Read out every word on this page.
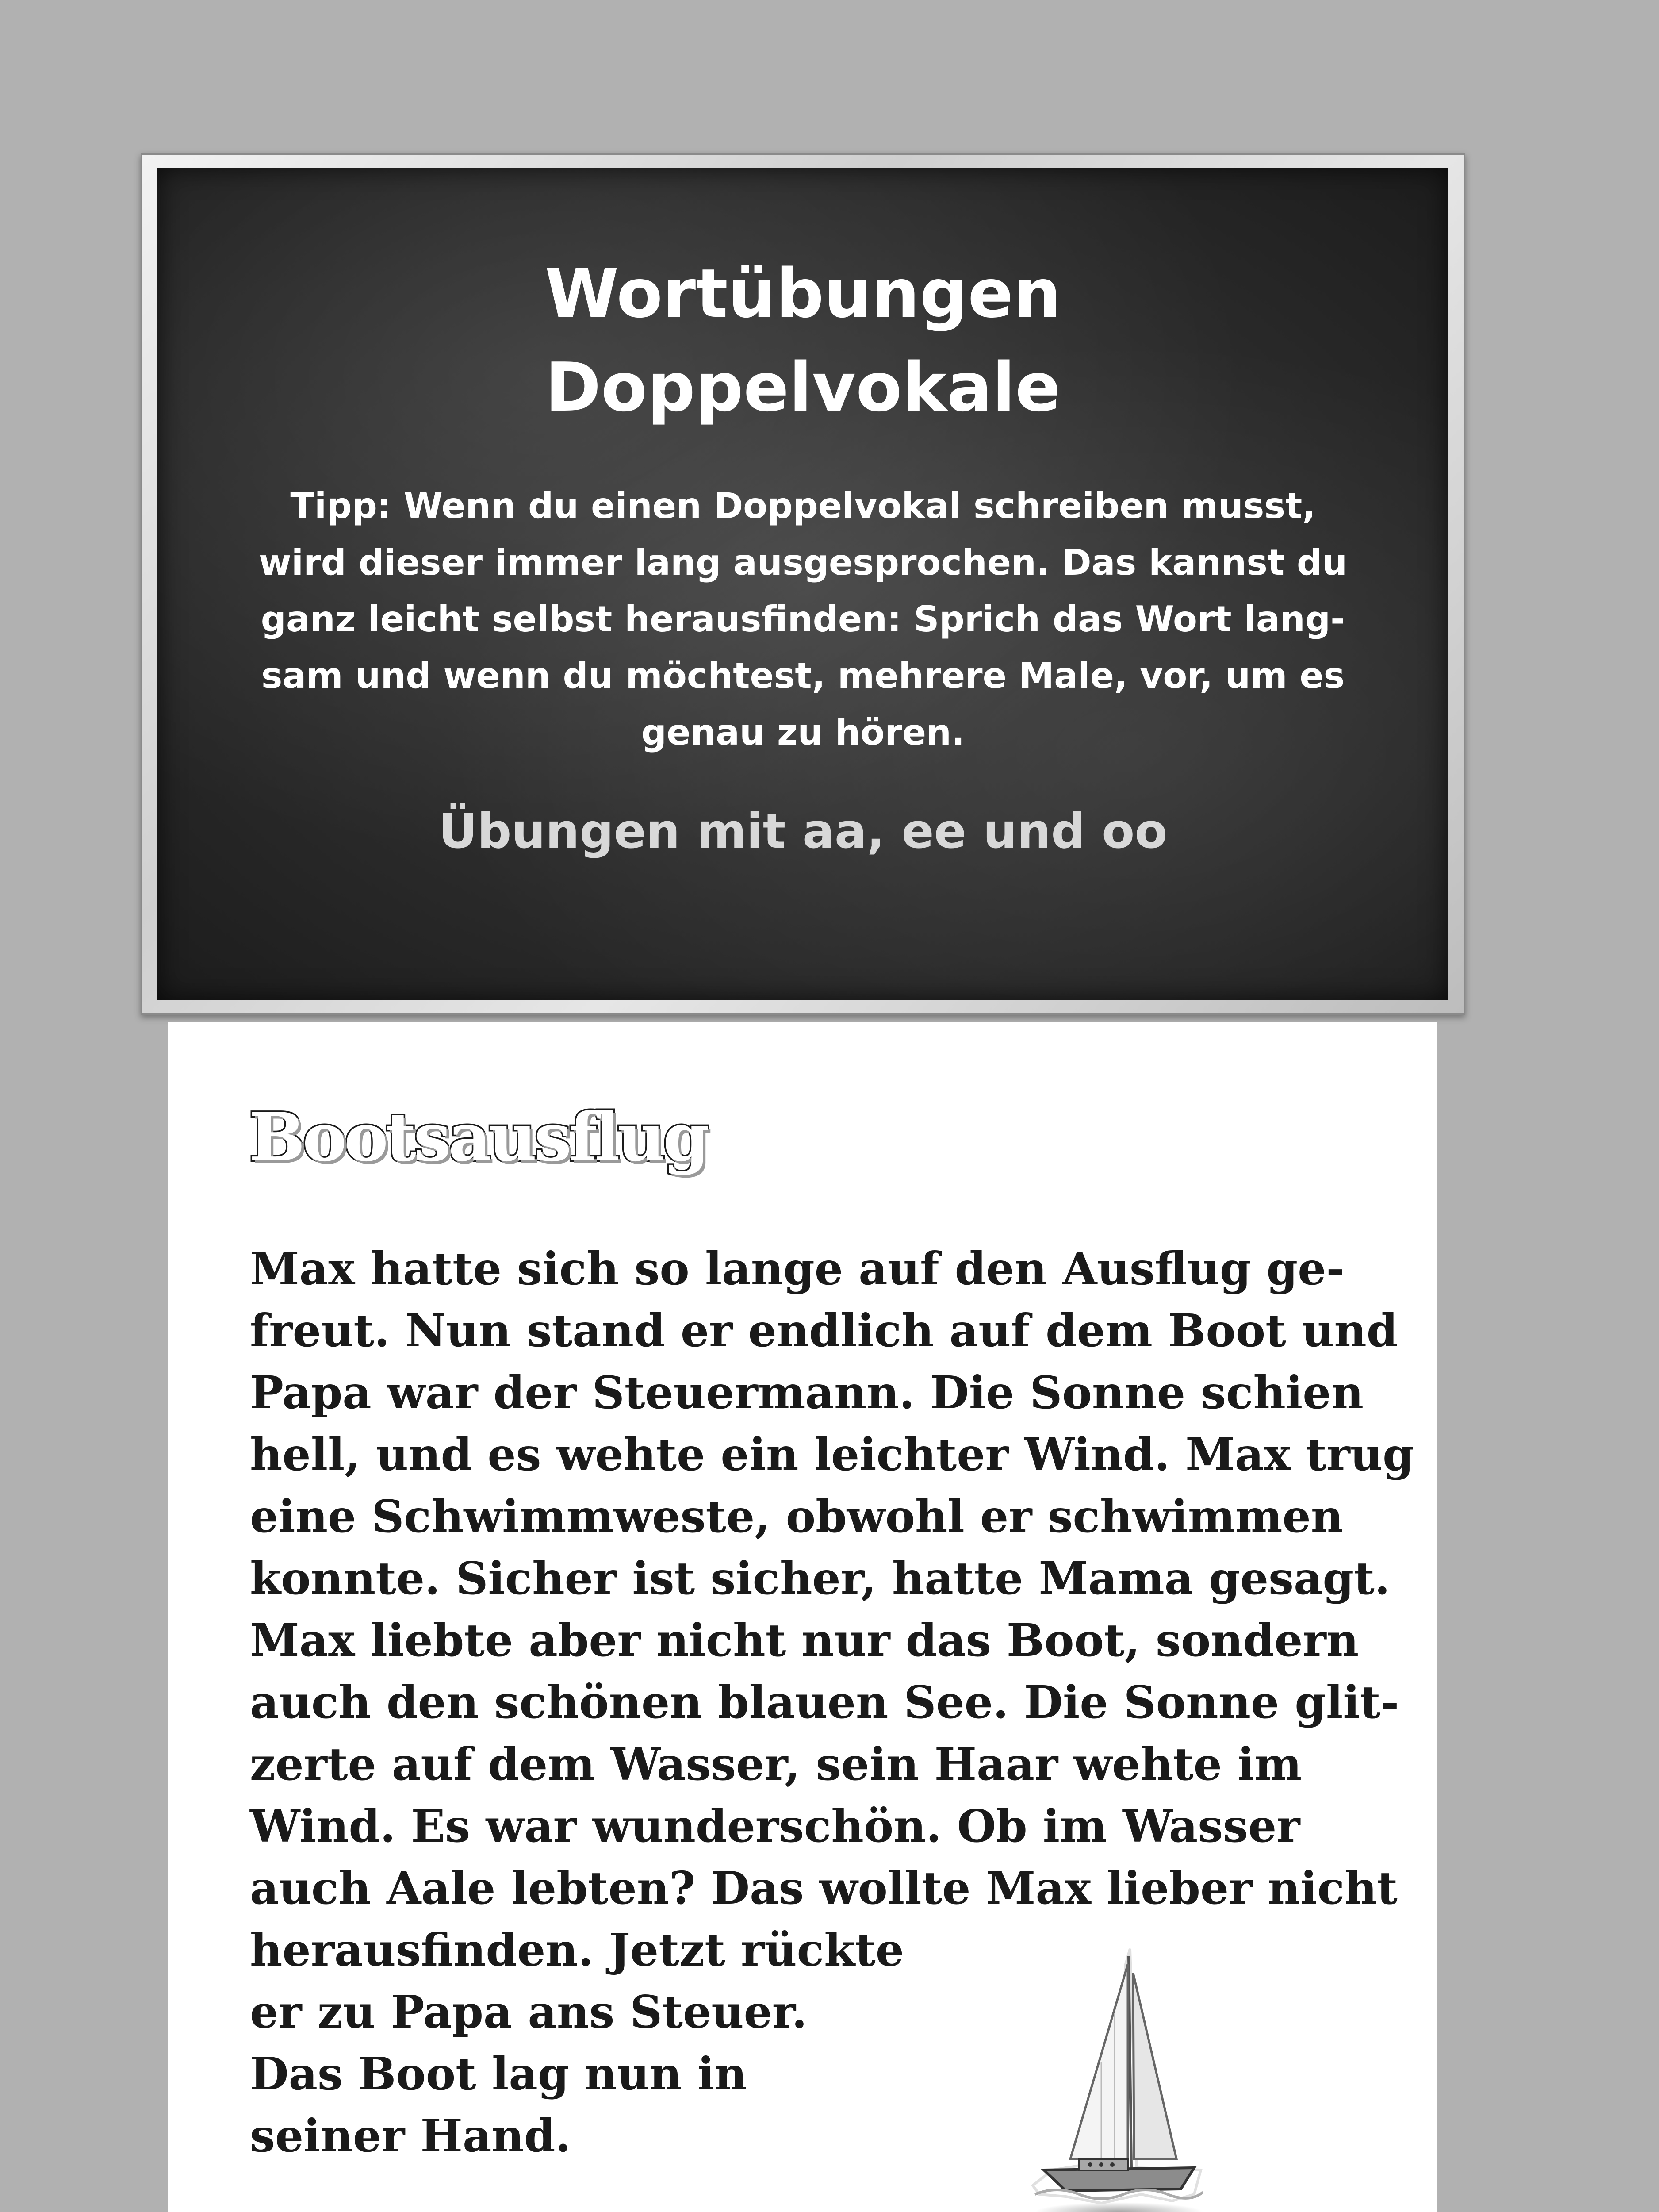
Wortübungen
Doppelvokale
Tipp: Wenn du einen Doppelvokal schreiben musst,
wird dieser immer lang ausgesprochen. Das kannst du
ganz leicht selbst herausfinden: Sprich das Wort lang-
sam und wenn du möchtest, mehrere Male, vor, um es
genau zu hören.
Übungen mit aa, ee und oo
Bootsausflug
Max hatte sich so lange auf den Ausflug ge-
freut. Nun stand er endlich auf dem Boot und
Papa war der Steuermann. Die Sonne schien
hell, und es wehte ein leichter Wind. Max trug
eine Schwimmweste, obwohl er schwimmen
konnte. Sicher ist sicher, hatte Mama gesagt.
Max liebte aber nicht nur das Boot, sondern
auch den schönen blauen See. Die Sonne glit-
zerte auf dem Wasser, sein Haar wehte im
Wind. Es war wunderschön. Ob im Wasser
auch Aale lebten? Das wollte Max lieber nicht
herausfinden. Jetzt rückte
er zu Papa ans Steuer.
Das Boot lag nun in
seiner Hand.
